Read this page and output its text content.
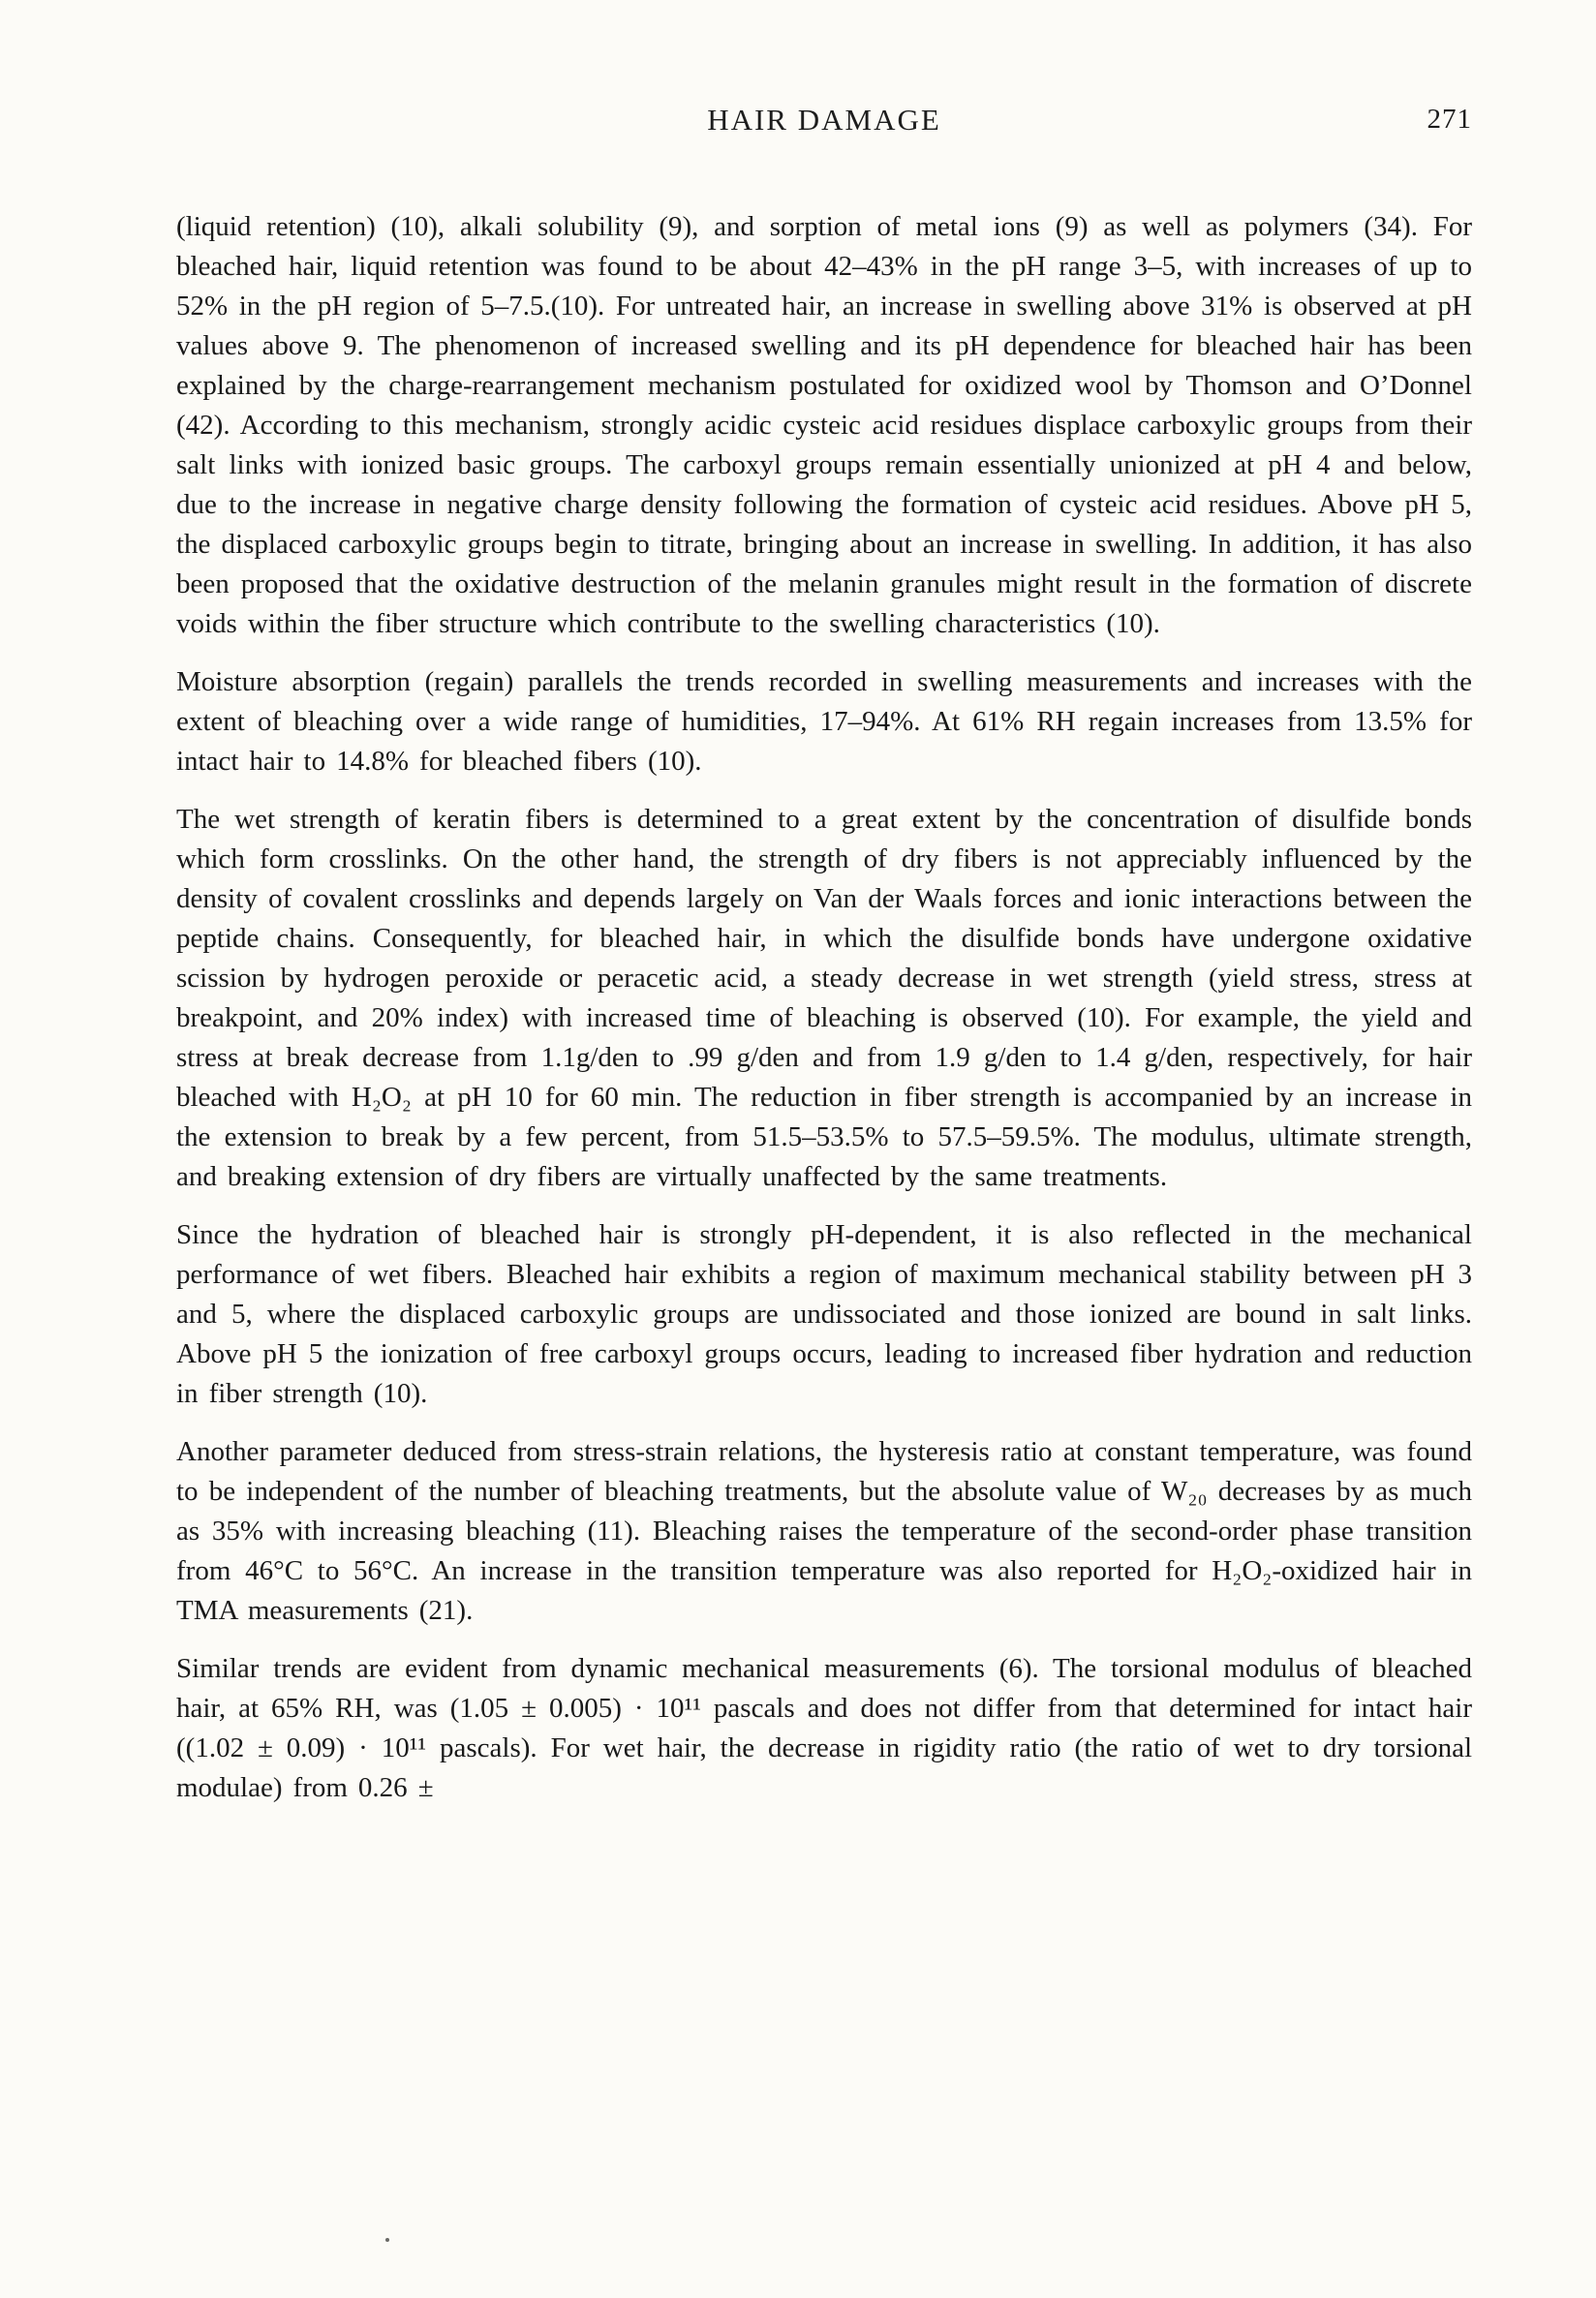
HAIR DAMAGE	271

(liquid retention) (10), alkali solubility (9), and sorption of metal ions (9) as well as polymers (34). For bleached hair, liquid retention was found to be about 42–43% in the pH range 3–5, with increases of up to 52% in the pH region of 5–7.5.(10). For untreated hair, an increase in swelling above 31% is observed at pH values above 9. The phenomenon of increased swelling and its pH dependence for bleached hair has been explained by the charge-rearrangement mechanism postulated for oxidized wool by Thomson and O’Donnel (42). According to this mechanism, strongly acidic cysteic acid residues displace carboxylic groups from their salt links with ionized basic groups. The carboxyl groups remain essentially unionized at pH 4 and below, due to the increase in negative charge density following the formation of cysteic acid residues. Above pH 5, the displaced carboxylic groups begin to titrate, bringing about an increase in swelling. In addition, it has also been proposed that the oxidative destruction of the melanin granules might result in the formation of discrete voids within the fiber structure which contribute to the swelling characteristics (10).

Moisture absorption (regain) parallels the trends recorded in swelling measurements and increases with the extent of bleaching over a wide range of humidities, 17–94%. At 61% RH regain increases from 13.5% for intact hair to 14.8% for bleached fibers (10).

The wet strength of keratin fibers is determined to a great extent by the concentration of disulfide bonds which form crosslinks. On the other hand, the strength of dry fibers is not appreciably influenced by the density of covalent crosslinks and depends largely on Van der Waals forces and ionic interactions between the peptide chains. Consequently, for bleached hair, in which the disulfide bonds have undergone oxidative scission by hydrogen peroxide or peracetic acid, a steady decrease in wet strength (yield stress, stress at breakpoint, and 20% index) with increased time of bleaching is observed (10). For example, the yield and stress at break decrease from 1.1g/den to .99 g/den and from 1.9 g/den to 1.4 g/den, respectively, for hair bleached with H₂O₂ at pH 10 for 60 min. The reduction in fiber strength is accompanied by an increase in the extension to break by a few percent, from 51.5–53.5% to 57.5–59.5%. The modulus, ultimate strength, and breaking extension of dry fibers are virtually unaffected by the same treatments.

Since the hydration of bleached hair is strongly pH-dependent, it is also reflected in the mechanical performance of wet fibers. Bleached hair exhibits a region of maximum mechanical stability between pH 3 and 5, where the displaced carboxylic groups are undissociated and those ionized are bound in salt links. Above pH 5 the ionization of free carboxyl groups occurs, leading to increased fiber hydration and reduction in fiber strength (10).

Another parameter deduced from stress-strain relations, the hysteresis ratio at constant temperature, was found to be independent of the number of bleaching treatments, but the absolute value of W₂₀ decreases by as much as 35% with increasing bleaching (11). Bleaching raises the temperature of the second-order phase transition from 46°C to 56°C. An increase in the transition temperature was also reported for H₂O₂-oxidized hair in TMA measurements (21).

Similar trends are evident from dynamic mechanical measurements (6). The torsional modulus of bleached hair, at 65% RH, was (1.05 ± 0.005) · 10¹¹ pascals and does not differ from that determined for intact hair ((1.02 ± 0.09) · 10¹¹ pascals). For wet hair, the decrease in rigidity ratio (the ratio of wet to dry torsional modulae) from 0.26 ±
